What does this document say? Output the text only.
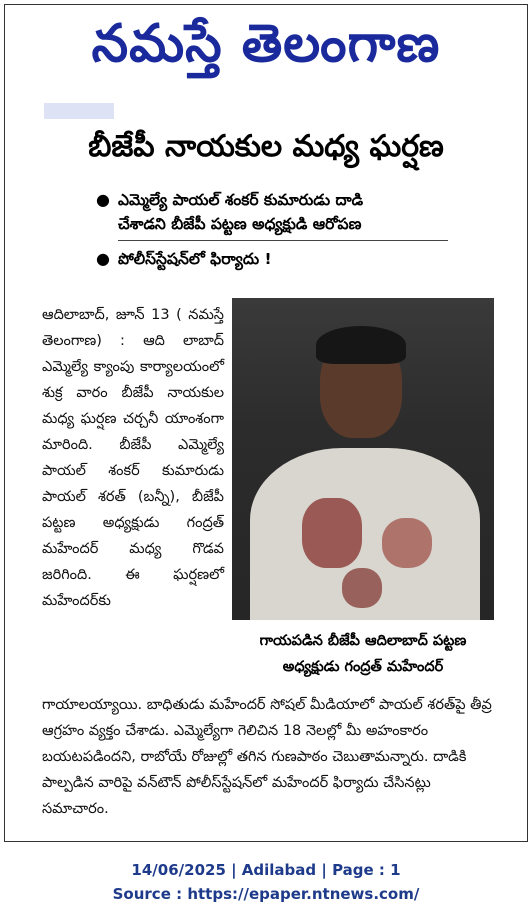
నమస్తే తెలంగాణ
బీజేపీ నాయకుల మధ్య ఘర్షణ
● ఎమ్మెల్యే పాయల్ శంకర్ కుమారుడు దాడి
చేశాడని బీజేపీ పట్టణ అధ్యక్షుడి ఆరోపణ
● పోలీస్‌స్టేషన్‌లో ఫిర్యాదు !
ఆదిలాబాద్, జూన్ 13 ( నమస్తే తెలంగాణ) : ఆది లాబాద్ ఎమ్మెల్యే క్యాంపు కార్యాలయంలో శుక్ర వారం బీజేపీ నాయకుల మధ్య ఘర్షణ చర్చనీ యాంశంగా మారింది. బీజేపీ ఎమ్మెల్యే పాయల్ శంకర్ కుమారుడు పాయల్ శరత్ (బన్నీ), బీజేపీ పట్టణ అధ్యక్షుడు గంద్రత్ మహేందర్ మధ్య గొడవ జరిగింది. ఈ ఘర్షణలో మహేందర్‌కు
గాయపడిన బీజేపీ ఆదిలాబాద్ పట్టణ అధ్యక్షుడు గంద్రత్ మహేందర్
గాయాలయ్యాయి. బాధితుడు మహేందర్ సోషల్ మీడియాలో పాయల్ శరత్‌పై తీవ్ర ఆగ్రహం వ్యక్తం చేశాడు. ఎమ్మెల్యేగా గెలిచిన 18 నెలల్లో మీ అహంకారం బయటపడిందని, రాబోయే రోజుల్లో తగిన గుణపాఠం చెబుతామన్నారు. దాడికి పాల్పడిన వారిపై వన్‌టౌన్ పోలీస్‌స్టేషన్‌లో మహేందర్ ఫిర్యాదు చేసినట్లు సమాచారం.
14/06/2025 | Adilabad | Page : 1
Source : https://epaper.ntnews.com/
